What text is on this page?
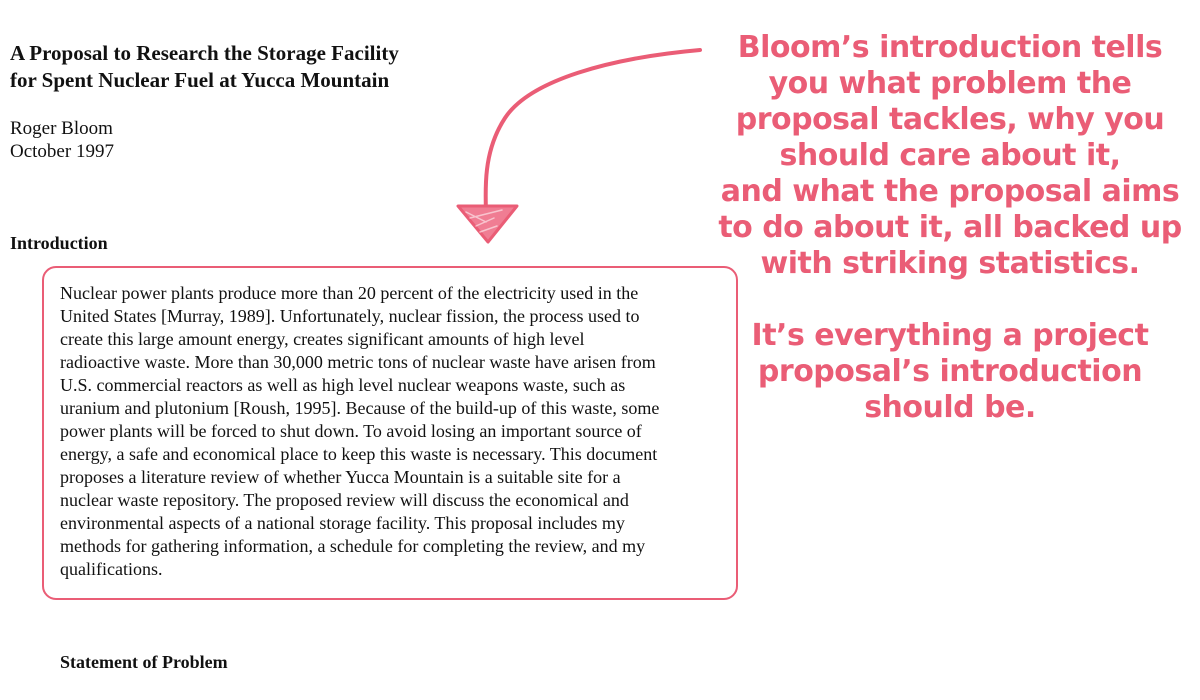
A Proposal to Research the Storage Facility
for Spent Nuclear Fuel at Yucca Mountain
Roger Bloom
October 1997
Introduction

Nuclear power plants produce more than 20 percent of the electricity used in the
United States [Murray, 1989]. Unfortunately, nuclear fission, the process used to
create this large amount energy, creates significant amounts of high level
radioactive waste. More than 30,000 metric tons of nuclear waste have arisen from
U.S. commercial reactors as well as high level nuclear weapons waste, such as
uranium and plutonium [Roush, 1995]. Because of the build-up of this waste, some
power plants will be forced to shut down. To avoid losing an important source of
energy, a safe and economical place to keep this waste is necessary. This document
proposes a literature review of whether Yucca Mountain is a suitable site for a
nuclear waste repository. The proposed review will discuss the economical and
environmental aspects of a national storage facility. This proposal includes my
methods for gathering information, a schedule for completing the review, and my
qualifications.

Statement of Problem
Bloom’s introduction tells
you what problem the
proposal tackles, why you
should care about it,
and what the proposal aims
to do about it, all backed up
with striking statistics.
It’s everything a project
proposal’s introduction
should be.
